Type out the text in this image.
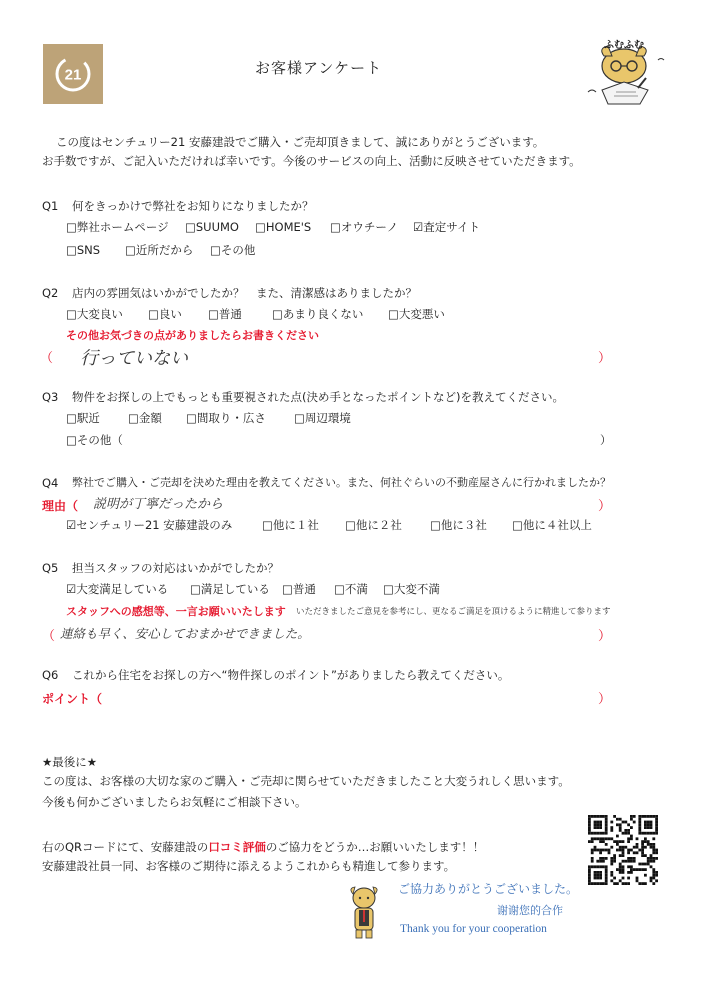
21	お客様アンケート
ふむふむ
この度はセンチュリー21 安藤建設でご購入・ご売却頂きまして、誠にありがとうございます。
お手数ですが、ご記入いただければ幸いです。今後のサービスの向上、活動に反映させていただきます。
Q1 何をきっかけで弊社をお知りになりましたか？
□弊社ホームページ □SUUMO □HOME'S □オウチーノ ☑査定サイト
□SNS □近所だから □その他
Q2 店内の雰囲気はいかがでしたか？　また、清潔感はありましたか？
□大変良い □良い □普通	□あまり良くない □大変悪い
その他お気づきの点がありましたらお書きください
（ 行っていない	）
Q3 物件をお探しの上でもっとも重要視された点(決め手となったポイントなど)を教えてください。
□駅近 □金額 □間取り・広さ □周辺環境
□その他（	）
Q4 弊社でご購入・ご売却を決めた理由を教えてください。また、何社ぐらいの不動産屋さんに行かれましたか？
理由（ 説明が丁寧だったから	）
☑センチュリー21 安藤建設のみ	□他に１社 □他に２社 □他に３社 □他に４社以上
Q5 担当スタッフの対応はいかがでしたか？
☑大変満足している □満足している □普通 □不満 □大変不満
スタッフへの感想等、一言お願いいたします いただきましたご意見を参考にし、更なるご満足を頂けるように精進して参ります
（ 連絡も早く、安心しておまかせできました。	）
Q6 これから住宅をお探しの方へ“物件探しのポイント”がありましたら教えてください。
ポイント（	）
★最後に★
この度は、お客様の大切な家のご購入・ご売却に関らせていただきましたこと大変うれしく思います。
今後も何かございましたらお気軽にご相談下さい。
右のQRコードにて、安藤建設の口コミ評価のご協力をどうか…お願いいたします！！
安藤建設社員一同、お客様のご期待に添えるようこれからも精進して参ります。
ご協力ありがとうございました。
谢谢您的合作
Thank you for your cooperation
